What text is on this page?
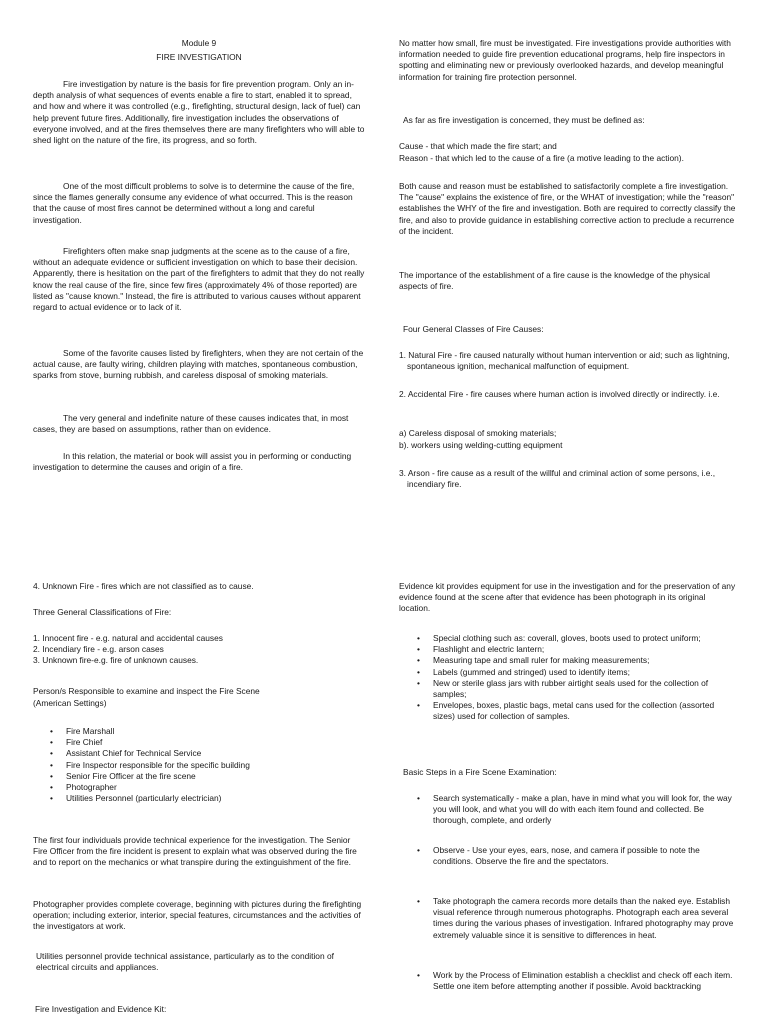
Module 9

FIRE INVESTIGATION

Fire investigation by nature is the basis for fire prevention program. Only an in-depth analysis of what sequences of events enable a fire to start, enabled it to spread, and how and where it was controlled (e.g., firefighting, structural design, lack of fuel) can help prevent future fires. Additionally, fire investigation includes the observations of everyone involved, and at the fires themselves there are many firefighters who will able to shed light on the nature of the fire, its progress, and so forth.

One of the most difficult problems to solve is to determine the cause of the fire, since the flames generally consume any evidence of what occurred. This is the reason that the cause of most fires cannot be determined without a long and careful investigation.

Firefighters often make snap judgments at the scene as to the cause of a fire, without an adequate evidence or sufficient investigation on which to base their decision. Apparently, there is hesitation on the part of the firefighters to admit that they do not really know the real cause of the fire, since few fires (approximately 4% of those reported) are listed as "cause known." Instead, the fire is attributed to various causes without apparent regard to actual evidence or to lack of it.

Some of the favorite causes listed by firefighters, when they are not certain of the actual cause, are faulty wiring, children playing with matches, spontaneous combustion, sparks from stove, burning rubbish, and careless disposal of smoking materials.

The very general and indefinite nature of these causes indicates that, in most cases, they are based on assumptions, rather than on evidence.

In this relation, the material or book will assist you in performing or conducting investigation to determine the causes and origin of a fire.

No matter how small, fire must be investigated. Fire investigations provide authorities with information needed to guide fire prevention educational programs, help fire inspectors in spotting and eliminating new or previously overlooked hazards, and develop meaningful information for training fire protection personnel.

As far as fire investigation is concerned, they must be defined as:

Cause - that which made the fire start; and

Reason - that which led to the cause of a fire (a motive leading to the action).

Both cause and reason must be established to satisfactorily complete a fire investigation. The "cause" explains the existence of fire, or the WHAT of investigation; while the "reason" establishes the WHY of the fire and investigation. Both are required to correctly classify the fire, and also to provide guidance in establishing corrective action to preclude a recurrence of the incident.

The importance of the establishment of a fire cause is the knowledge of the physical aspects of fire.

Four General Classes of Fire Causes:

1. Natural Fire - fire caused naturally without human intervention or aid; such as lightning, spontaneous ignition, mechanical malfunction of equipment.

2. Accidental Fire - fire causes where human action is involved directly or indirectly. i.e.

a) Careless disposal of smoking materials;

b). workers using welding-cutting equipment

3. Arson - fire cause as a result of the willful and criminal action of some persons, i.e., incendiary fire.

4. Unknown Fire - fires which are not classified as to cause.

Three General Classifications of Fire:

1. Innocent fire - e.g. natural and accidental causes

2. Incendiary fire - e.g. arson cases

3. Unknown fire-e.g. fire of unknown causes.

Person/s Responsible to examine and inspect the Fire Scene

(American Settings)

• Fire Marshall
• Fire Chief
• Assistant Chief for Technical Service
• Fire Inspector responsible for the specific building
• Senior Fire Officer at the fire scene
• Photographer
• Utilities Personnel (particularly electrician)

The first four individuals provide technical experience for the investigation. The Senior Fire Officer from the fire incident is present to explain what was observed during the fire and to report on the mechanics or what transpire during the extinguishment of the fire.

Photographer provides complete coverage, beginning with pictures during the firefighting operation; including exterior, interior, special features, circumstances and the activities of the investigators at work.

Utilities personnel provide technical assistance, particularly as to the condition of electrical circuits and appliances.

Fire Investigation and Evidence Kit:

Evidence kit provides equipment for use in the investigation and for the preservation of any evidence found at the scene after that evidence has been photograph in its original location.

• Special clothing such as: coverall, gloves, boots used to protect uniform;
• Flashlight and electric lantern;
• Measuring tape and small ruler for making measurements;
• Labels (gummed and stringed) used to identify items;
• New or sterile glass jars with rubber airtight seals used for the collection of samples;
• Envelopes, boxes, plastic bags, metal cans used for the collection (assorted sizes) used for collection of samples.

Basic Steps in a Fire Scene Examination:

• Search systematically - make a plan, have in mind what you will look for, the way you will look, and what you will do with each item found and collected. Be thorough, complete, and orderly
• Observe - Use your eyes, ears, nose, and camera if possible to note the conditions. Observe the fire and the spectators.
• Take photograph the camera records more details than the naked eye. Establish visual reference through numerous photographs. Photograph each area several times during the various phases of investigation. Infrared photography may prove extremely valuable since it is sensitive to differences in heat.
• Work by the Process of Elimination establish a checklist and check off each item. Settle one item before attempting another if possible. Avoid backtracking
